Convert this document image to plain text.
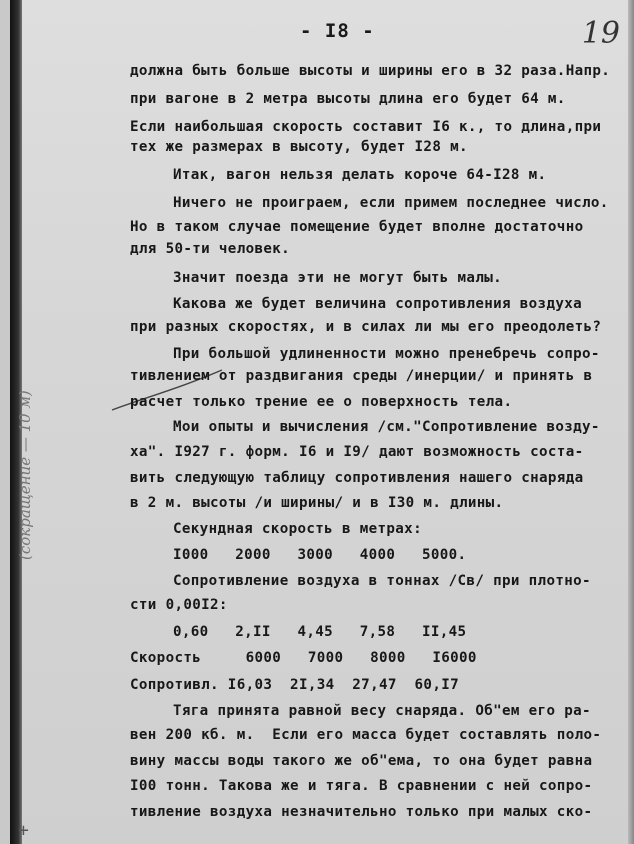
- I8 -	19
(сокращение — 10 м)
+
должна быть больше высоты и ширины его в 32 раза.Напр.
при вагоне в 2 метра высоты длина его будет 64 м.
Если наибольшая скорость составит I6 к., то длина,при
тех же размерах в высоту, будет I28 м.
Итак, вагон нельзя делать короче 64-I28 м.
Ничего не проиграем, если примем последнее число.
Но в таком случае помещение будет вполне достаточно
для 50-ти человек.
Значит поезда эти не могут быть малы.
Какова же будет величина сопротивления воздуха
при разных скоростях, и в силах ли мы его преодолеть?
При большой удлиненности можно пренебречь сопро-
тивлением от раздвигания среды /инерции/ и принять в
расчет только трение ее о поверхность тела.
Мои опыты и вычисления /см."Сопротивление возду-
ха". I927 г. форм. I6 и I9/ дают возможность соста-
вить следующую таблицу сопротивления нашего снаряда
в 2 м. высоты /и ширины/ и в I30 м. длины.
Секундная скорость в метрах:
I000   2000   3000   4000   5000.
Сопротивление воздуха в тоннах /Св/ при плотно-
сти 0,00I2:
0,60   2,II   4,45   7,58   II,45
Скорость     6000   7000   8000   I6000
Сопротивл. I6,03  2I,34  27,47  60,I7
Тяга принята равной весу снаряда. Об"ем его ра-
вен 200 кб. м.  Если его масса будет составлять поло-
вину массы воды такого же об"ема, то она будет равна
I00 тонн. Такова же и тяга. В сравнении с ней сопро-
тивление воздуха незначительно только при малых ско-
